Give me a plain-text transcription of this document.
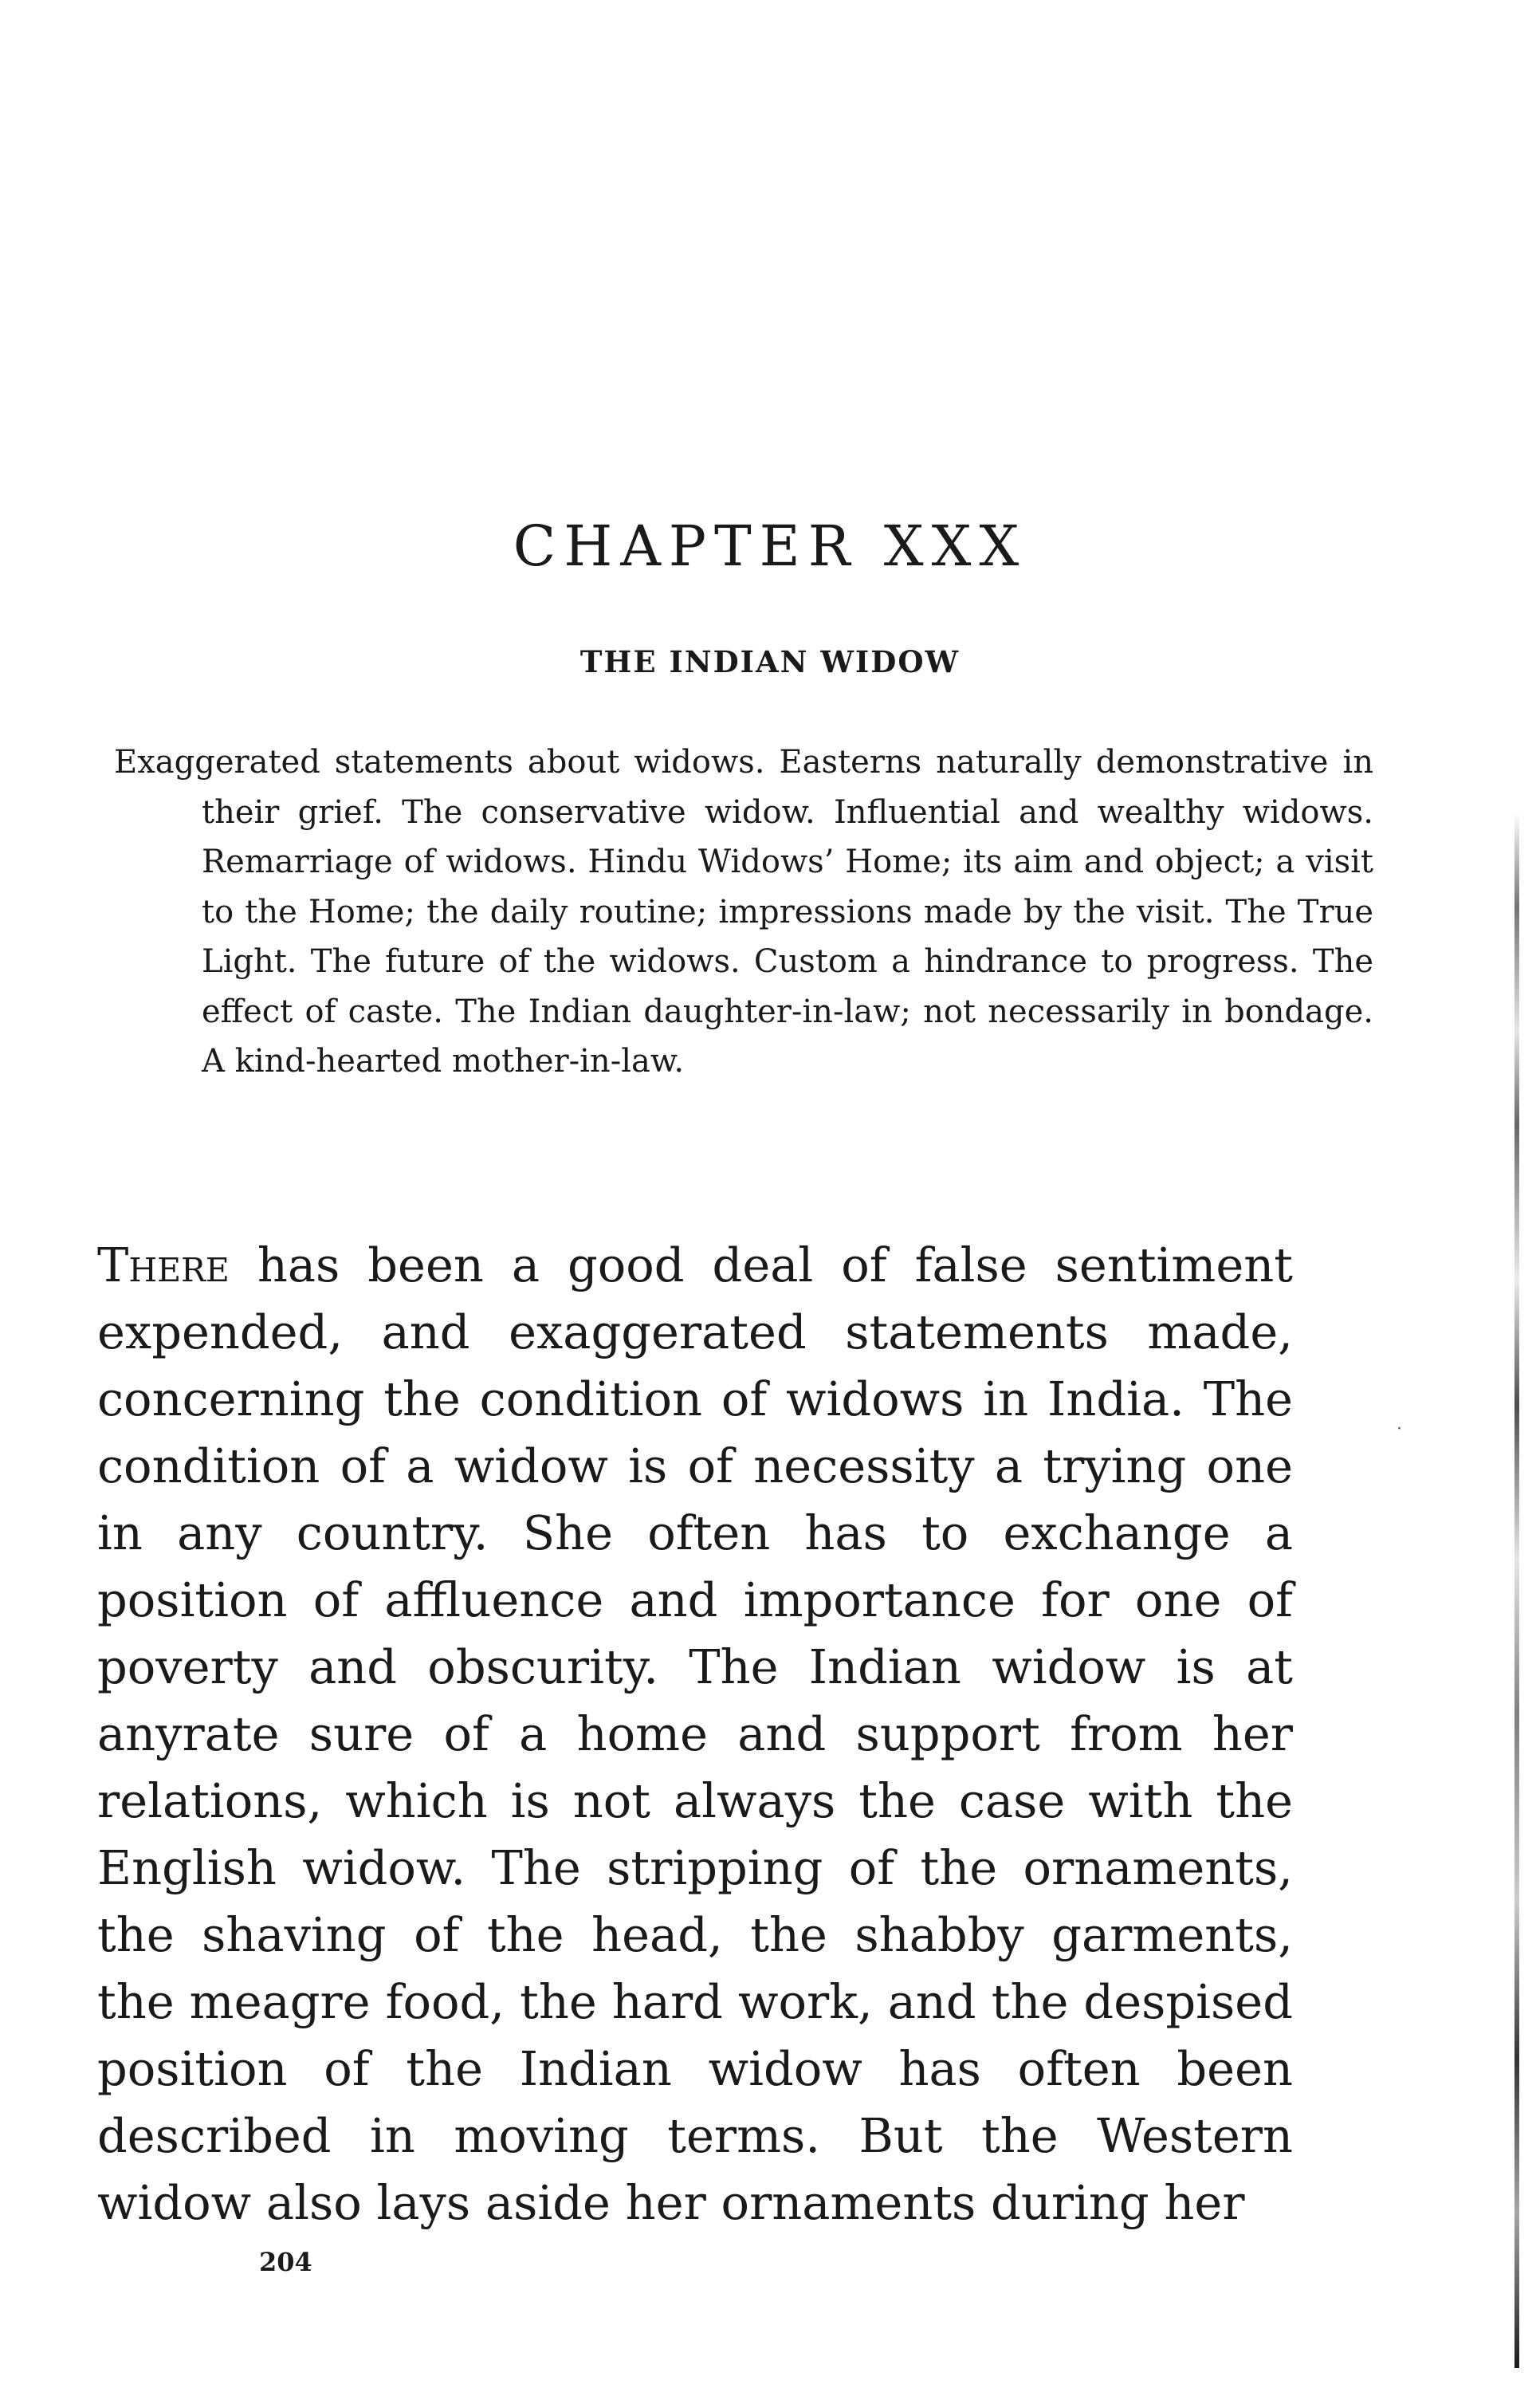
·
CHAPTER XXX
THE INDIAN WIDOW

Exaggerated statements about widows. Easterns naturally demonstrative in their grief. The conservative widow. Influential and wealthy widows. Remarriage of widows. Hindu Widows’ Home; its aim and object; a visit to the Home; the daily routine; impressions made by the visit. The True Light. The future of the widows. Custom a hindrance to progress. The effect of caste. The Indian daughter-in-law; not necessarily in bondage. A kind-hearted mother-in-law.

There has been a good deal of false sentiment expended, and exaggerated statements made, concerning the condition of widows in India. The condition of a widow is of necessity a trying one in any country. She often has to exchange a position of affluence and importance for one of poverty and obscurity. The Indian widow is at anyrate sure of a home and support from her relations, which is not always the case with the English widow. The stripping of the ornaments, the shaving of the head, the shabby garments, the meagre food, the hard work, and the despised position of the Indian widow has often been described in moving terms. But the Western widow also lays aside her ornaments during her

204
